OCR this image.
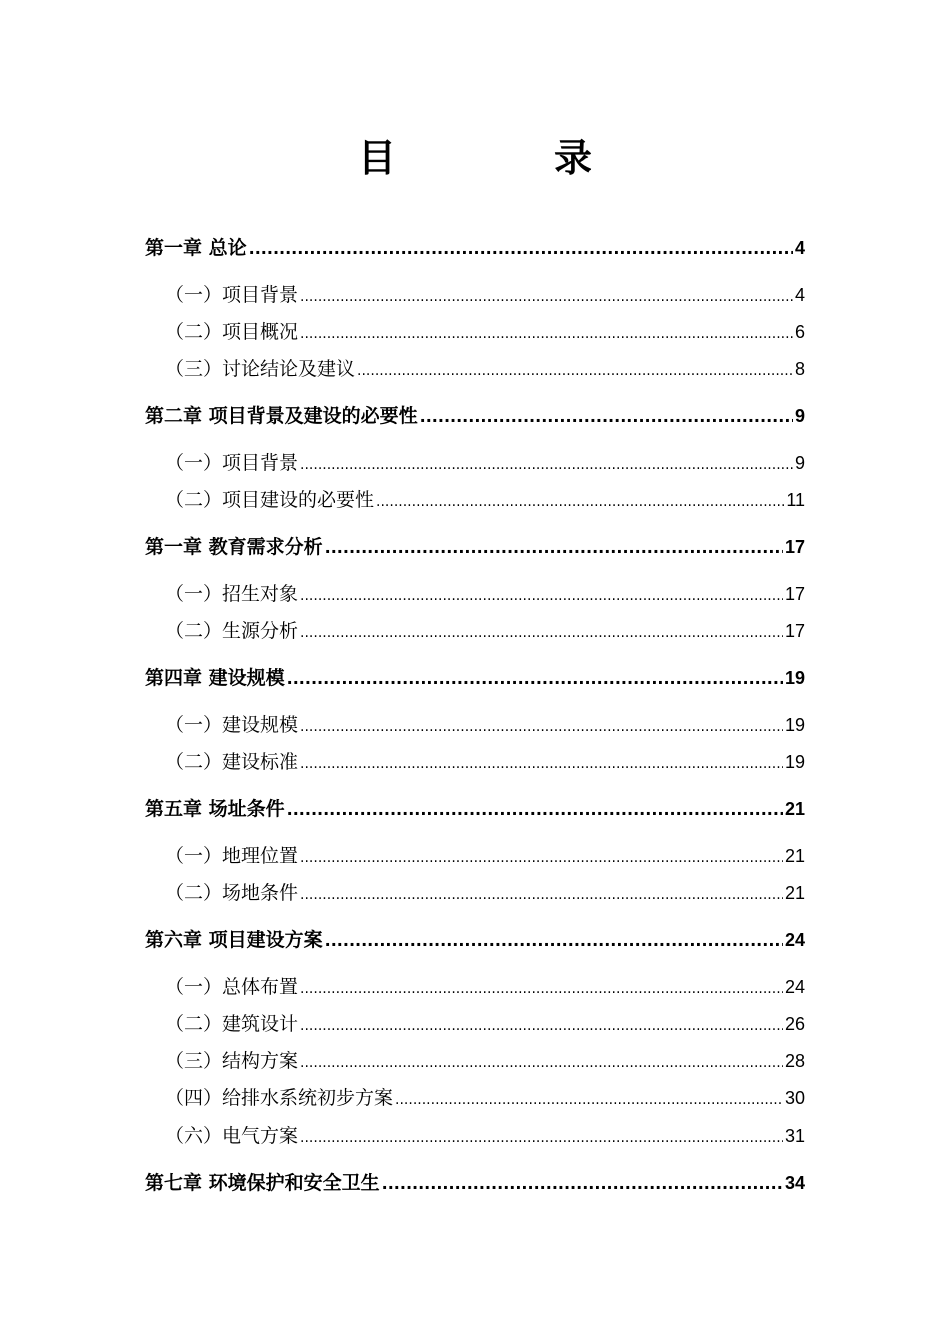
目　录
第一章 总论 .....	4
（一） 项目背景 .....	4
（二） 项目概况 .....	6
（三） 讨论结论及建议 .....	8
第二章 项目背景及建设的必要性 .....	9
（一） 项目背景 .....	9
（二） 项目建设的必要性 .....	11
第一章 教育需求分析 .....	17
（一） 招生对象 .....	17
（二） 生源分析 .....	17
第四章 建设规模 .....	19
（一） 建设规模 .....	19
（二） 建设标准 .....	19
第五章 场址条件 .....	21
（一） 地理位置 .....	21
（二） 场地条件 .....	21
第六章 项目建设方案 .....	24
（一） 总体布置 .....	24
（二） 建筑设计 .....	26
（三） 结构方案 .....	28
（四） 给排水系统初步方案 .....	30
（六） 电气方案 .....	31
第七章 环境保护和安全卫生 .....	34
